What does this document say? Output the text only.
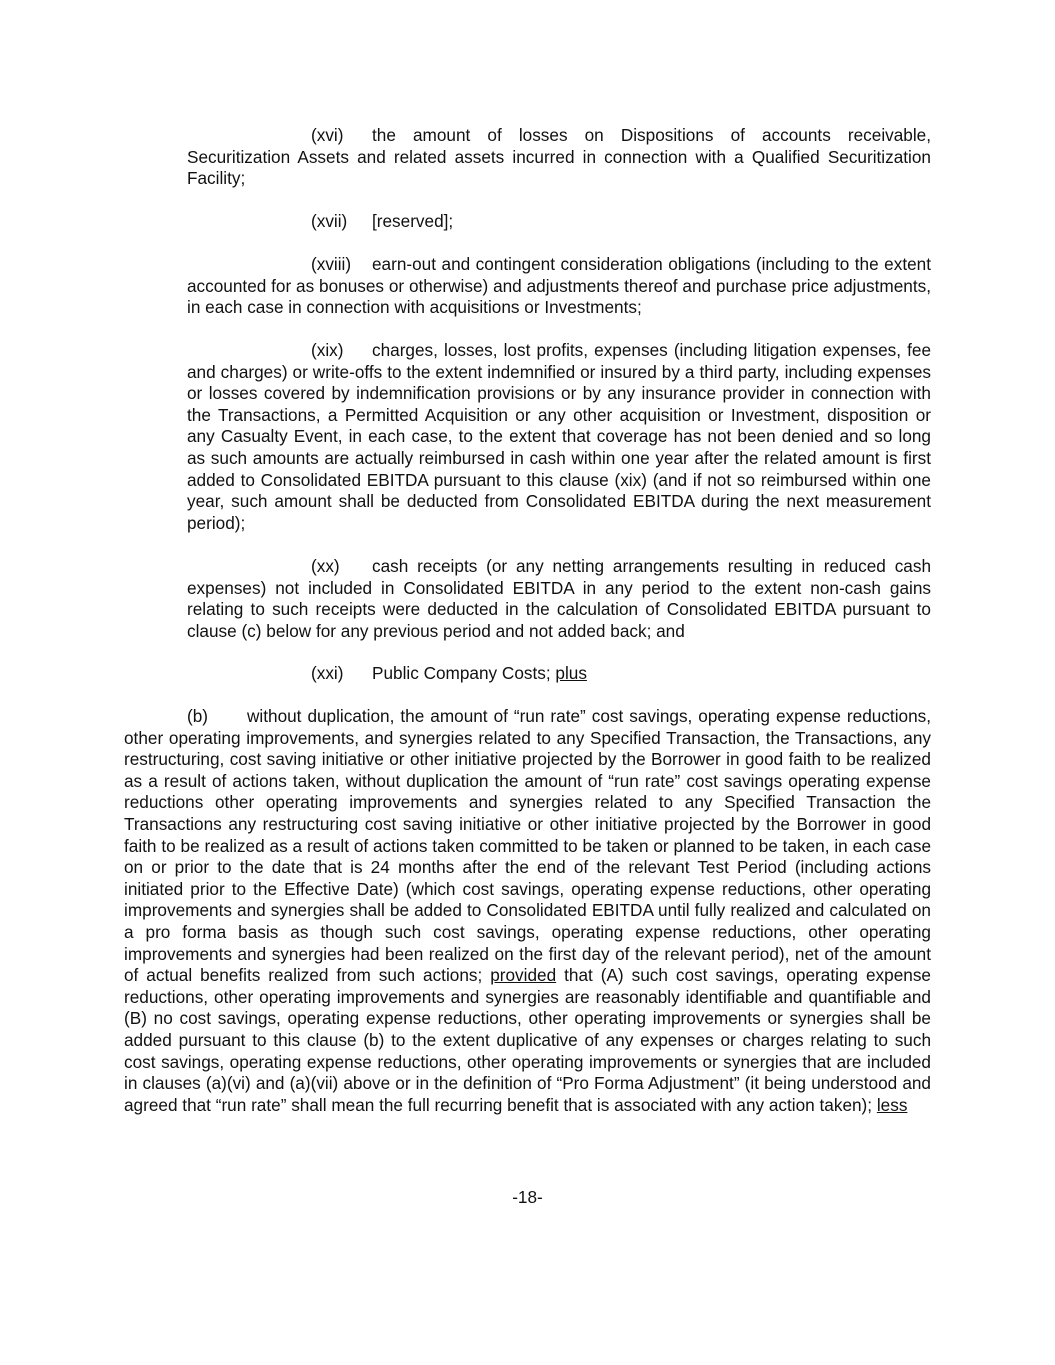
(xvi) the amount of losses on Dispositions of accounts receivable, Securitization Assets and related assets incurred in connection with a Qualified Securitization Facility;

(xvii) [reserved];

(xviii) earn-out and contingent consideration obligations (including to the extent accounted for as bonuses or otherwise) and adjustments thereof and purchase price adjustments, in each case in connection with acquisitions or Investments;

(xix) charges, losses, lost profits, expenses (including litigation expenses, fee and charges) or write-offs to the extent indemnified or insured by a third party, including expenses or losses covered by indemnification provisions or by any insurance provider in connection with the Transactions, a Permitted Acquisition or any other acquisition or Investment, disposition or any Casualty Event, in each case, to the extent that coverage has not been denied and so long as such amounts are actually reimbursed in cash within one year after the related amount is first added to Consolidated EBITDA pursuant to this clause (xix) (and if not so reimbursed within one year, such amount shall be deducted from Consolidated EBITDA during the next measurement period);

(xx) cash receipts (or any netting arrangements resulting in reduced cash expenses) not included in Consolidated EBITDA in any period to the extent non-cash gains relating to such receipts were deducted in the calculation of Consolidated EBITDA pursuant to clause (c) below for any previous period and not added back; and

(xxi) Public Company Costs; plus

(b) without duplication, the amount of “run rate” cost savings, operating expense reductions, other operating improvements, and synergies related to any Specified Transaction, the Transactions, any restructuring, cost saving initiative or other initiative projected by the Borrower in good faith to be realized as a result of actions taken, without duplication the amount of “run rate” cost savings operating expense reductions other operating improvements and synergies related to any Specified Transaction the Transactions any restructuring cost saving initiative or other initiative projected by the Borrower in good faith to be realized as a result of actions taken committed to be taken or planned to be taken, in each case on or prior to the date that is 24 months after the end of the relevant Test Period (including actions initiated prior to the Effective Date) (which cost savings, operating expense reductions, other operating improvements and synergies shall be added to Consolidated EBITDA until fully realized and calculated on a pro forma basis as though such cost savings, operating expense reductions, other operating improvements and synergies had been realized on the first day of the relevant period), net of the amount of actual benefits realized from such actions; provided that (A) such cost savings, operating expense reductions, other operating improvements and synergies are reasonably identifiable and quantifiable and (B) no cost savings, operating expense reductions, other operating improvements or synergies shall be added pursuant to this clause (b) to the extent duplicative of any expenses or charges relating to such cost savings, operating expense reductions, other operating improvements or synergies that are included in clauses (a)(vi) and (a)(vii) above or in the definition of “Pro Forma Adjustment” (it being understood and agreed that “run rate” shall mean the full recurring benefit that is associated with any action taken); less

-18-
